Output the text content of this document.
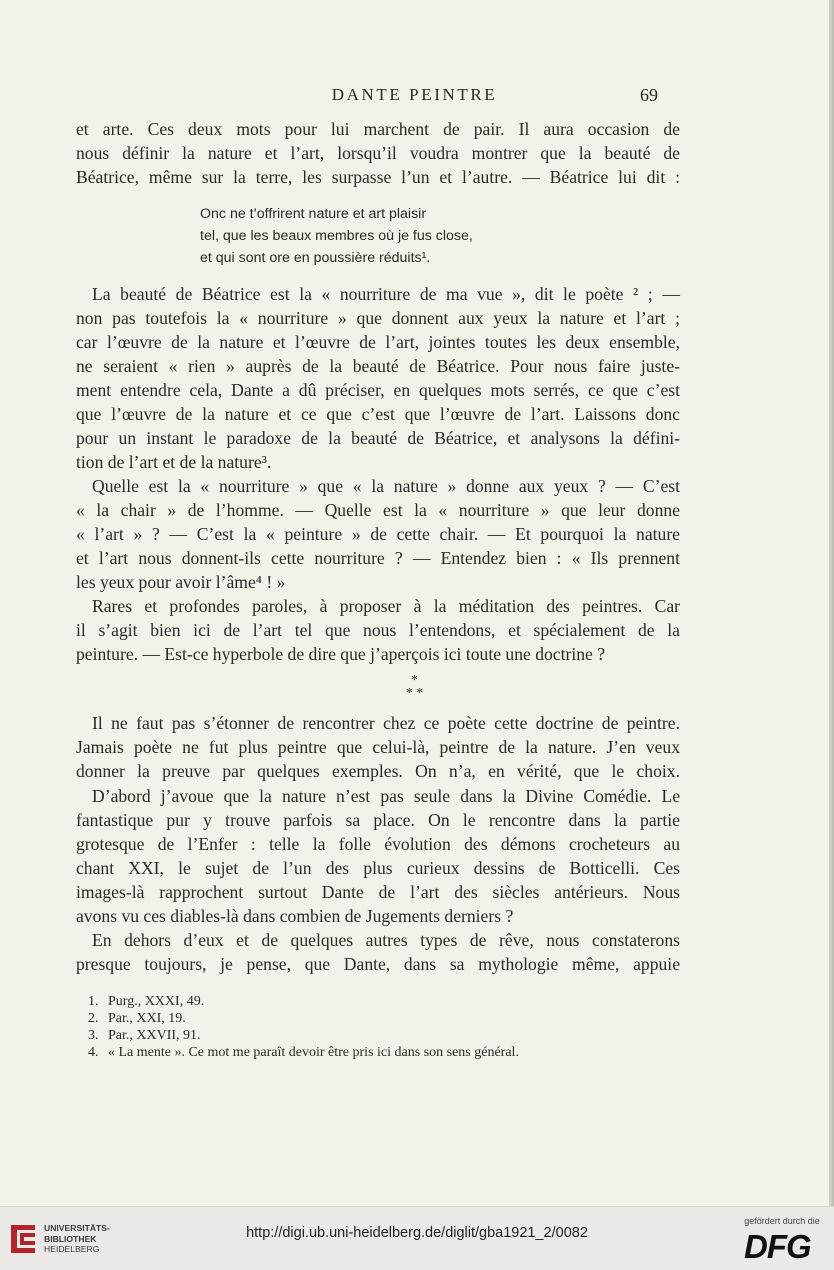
DANTE PEINTRE	69
et arte. Ces deux mots pour lui marchent de pair. Il aura occasion de
nous définir la nature et l’art, lorsqu’il voudra montrer que la beauté de
Béatrice, même sur la terre, les surpasse l’un et l’autre. — Béatrice lui dit :
Onc ne t’offrirent nature et art plaisir
tel, que les beaux membres où je fus close,
et qui sont ore en poussière réduits¹.
La beauté de Béatrice est la « nourriture de ma vue », dit le poète ² ; —
non pas toutefois la « nourriture » que donnent aux yeux la nature et l’art ;
car l’œuvre de la nature et l’œuvre de l’art, jointes toutes les deux ensemble,
ne seraient « rien » auprès de la beauté de Béatrice. Pour nous faire juste-
ment entendre cela, Dante a dû préciser, en quelques mots serrés, ce que c’est
que l’œuvre de la nature et ce que c’est que l’œuvre de l’art. Laissons donc
pour un instant le paradoxe de la beauté de Béatrice, et analysons la défini-
tion de l’art et de la nature³.
Quelle est la « nourriture » que « la nature » donne aux yeux ? — C’est
« la chair » de l’homme. — Quelle est la « nourriture » que leur donne
« l’art » ? — C’est la « peinture » de cette chair. — Et pourquoi la nature
et l’art nous donnent-ils cette nourriture ? — Entendez bien : « Ils prennent
les yeux pour avoir l’âme⁴ ! »
Rares et profondes paroles, à proposer à la méditation des peintres. Car
il s’agit bien ici de l’art tel que nous l’entendons, et spécialement de la
peinture. — Est-ce hyperbole de dire que j’aperçois ici toute une doctrine ?
*
* *
Il ne faut pas s’étonner de rencontrer chez ce poète cette doctrine de peintre.
Jamais poète ne fut plus peintre que celui-là, peintre de la nature. J’en veux
donner la preuve par quelques exemples. On n’a, en vérité, que le choix.
D’abord j’avoue que la nature n’est pas seule dans la Divine Comédie. Le
fantastique pur y trouve parfois sa place. On le rencontre dans la partie
grotesque de l’Enfer : telle la folle évolution des démons crocheteurs au
chant XXI, le sujet de l’un des plus curieux dessins de Botticelli. Ces
images-là rapprochent surtout Dante de l’art des siècles antérieurs. Nous
avons vu ces diables-là dans combien de Jugements derniers ?
En dehors d’eux et de quelques autres types de rêve, nous constaterons
presque toujours, je pense, que Dante, dans sa mythologie même, appuie
1. Purg., XXXI, 49.
2. Par., XXI, 19.
3. Par., XXVII, 91.
4. « La mente ». Ce mot me paraît devoir être pris ici dans son sens général.
UNIVERSITÄTS-
BIBLIOTHEK
HEIDELBERG
http://digi.ub.uni-heidelberg.de/diglit/gba1921_2/0082
gefördert durch die
DFG
